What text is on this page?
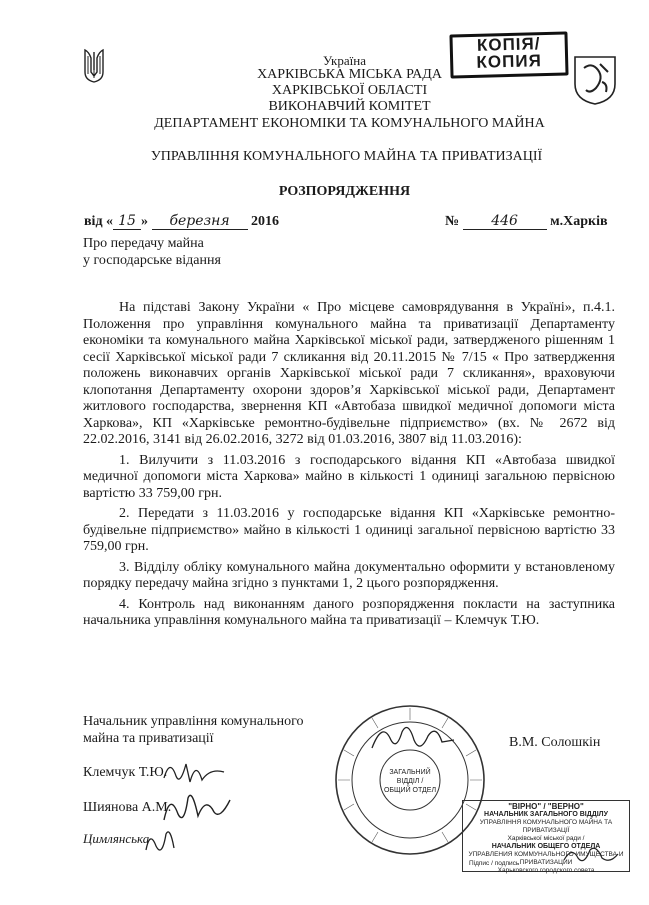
КОПІЯ/
КОПИЯ
Україна
ХАРКІВСЬКА МІСЬКА РАДА
ХАРКІВСЬКОЇ ОБЛАСТІ
ВИКОНАВЧИЙ КОМІТЕТ
ДЕПАРТАМЕНТ ЕКОНОМІКИ ТА КОМУНАЛЬНОГО МАЙНА
УПРАВЛІННЯ КОМУНАЛЬНОГО МАЙНА ТА ПРИВАТИЗАЦІЇ
РОЗПОРЯДЖЕННЯ
від « 15 » березня 2016	№ 446 м.Харків
Про передачу майна
у господарське відання

На підставі Закону України « Про місцеве самоврядування в Україні», п.4.1. Положення про управління комунального майна та приватизації Департаменту економіки та комунального майна Харківської міської ради, затвердженого рішенням 1 сесії Харківської міської ради 7 скликання від 20.11.2015 № 7/15 « Про затвердження положень виконавчих органів Харківської міської ради 7 скликання», враховуючи клопотання Департаменту охорони здоров’я Харківської міської ради, Департамент житлового господарства, звернення КП «Автобаза швидкої медичної допомоги міста Харкова», КП «Харківське ремонтно-будівельне підприємство» (вх. № 2672 від 22.02.2016, 3141 від 26.02.2016, 3272 від 01.03.2016, 3807 від 11.03.2016):

1. Вилучити з 11.03.2016 з господарського відання КП «Автобаза швидкої медичної допомоги міста Харкова» майно в кількості 1 одиниці загальною первісною вартістю 33 759,00 грн.

2. Передати з 11.03.2016 у господарське відання КП «Харківське ремонтно-будівельне підприємство» майно в кількості 1 одиниці загальної первісною вартістю 33 759,00 грн.

3. Відділу обліку комунального майна документально оформити у встановленому порядку передачу майна згідно з пунктами 1, 2 цього розпорядження.

4. Контроль над виконанням даного розпорядження покласти на заступника начальника управління комунального майна та приватизації – Клемчук Т.Ю.

Начальник управління комунального
майна та приватизації	В.М. Солошкін
ЗАГАЛЬНИЙ
ВІДДІЛ /
ОБЩИЙ ОТДЕЛ
Клемчук Т.Ю.
Шиянова А.М.
Цимлянська
"ВІРНО" / "ВЕРНО"
НАЧАЛЬНИК ЗАГАЛЬНОГО ВІДДІЛУ
УПРАВЛІННЯ КОМУНАЛЬНОГО МАЙНА ТА ПРИВАТИЗАЦІЇ
Харківської міської ради /
НАЧАЛЬНИК ОБЩЕГО ОТДЕЛА
УПРАВЛЕНИЯ КОММУНАЛЬНОГО ИМУЩЕСТВА И ПРИВАТИЗАЦИИ
Харьковского городского совета
Підпис / подпись
